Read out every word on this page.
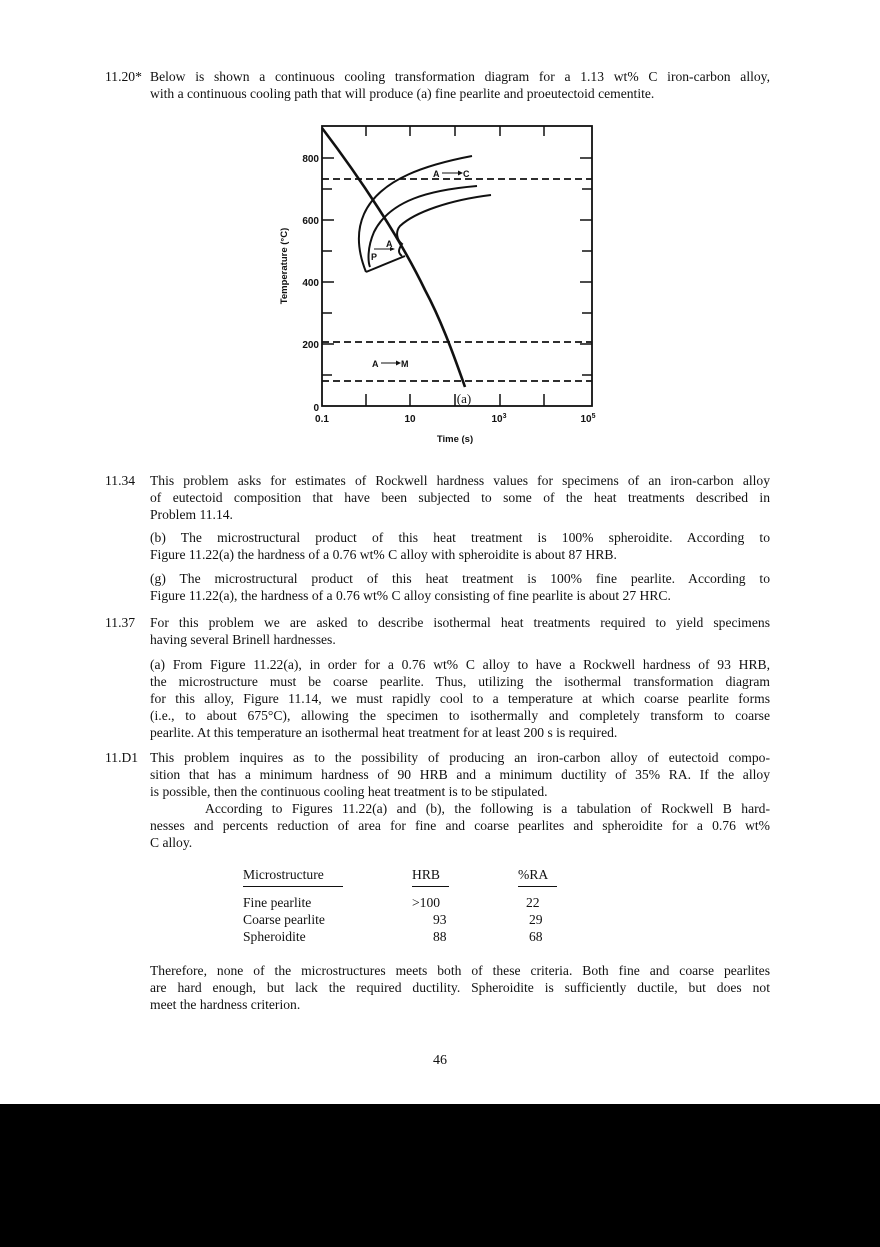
11.20* Below is shown a continuous cooling transformation diagram for a 1.13 wt% C iron-carbon alloy,
with a continuous cooling path that will produce (a) fine pearlite and proeutectoid cementite.
800
600
400
200
0
0.1	10	$10^3$	$10^5$
Time (s)
Temperature (°C)
A	C
P
A
A	M
(a)
11.34 This problem asks for estimates of Rockwell hardness values for specimens of an iron-carbon alloy
of eutectoid composition that have been subjected to some of the heat treatments described in
Problem 11.14.
(b) The microstructural product of this heat treatment is 100% spheroidite. According to
Figure 11.22(a) the hardness of a 0.76 wt% C alloy with spheroidite is about 87 HRB.
(g) The microstructural product of this heat treatment is 100% fine pearlite. According to
Figure 11.22(a), the hardness of a 0.76 wt% C alloy consisting of fine pearlite is about 27 HRC.
11.37 For this problem we are asked to describe isothermal heat treatments required to yield specimens
having several Brinell hardnesses.
(a) From Figure 11.22(a), in order for a 0.76 wt% C alloy to have a Rockwell hardness of 93 HRB,
the microstructure must be coarse pearlite. Thus, utilizing the isothermal transformation diagram
for this alloy, Figure 11.14, we must rapidly cool to a temperature at which coarse pearlite forms
(i.e., to about 675°C), allowing the specimen to isothermally and completely transform to coarse
pearlite. At this temperature an isothermal heat treatment for at least 200 s is required.
11.D1 This problem inquires as to the possibility of producing an iron-carbon alloy of eutectoid compo-
sition that has a minimum hardness of 90 HRB and a minimum ductility of 35% RA. If the alloy
is possible, then the continuous cooling heat treatment is to be stipulated.
According to Figures 11.22(a) and (b), the following is a tabulation of Rockwell B hard-
nesses and percents reduction of area for fine and coarse pearlites and spheroidite for a 0.76 wt%
C alloy.
Microstructure	HRB	%RA
Fine pearlite	>100	22
Coarse pearlite	93	29
Spheroidite	88	68
Therefore, none of the microstructures meets both of these criteria. Both fine and coarse pearlites
are hard enough, but lack the required ductility. Spheroidite is sufficiently ductile, but does not
meet the hardness criterion.
46
